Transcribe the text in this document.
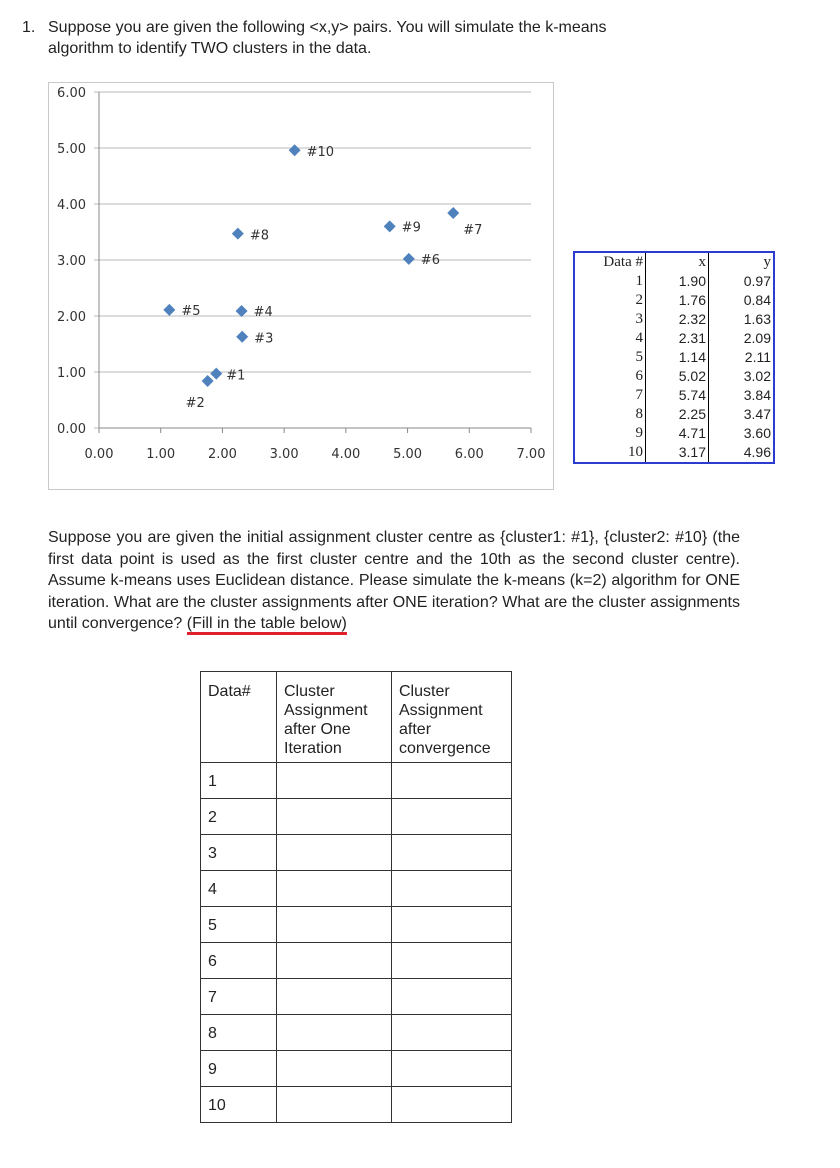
1. Suppose you are given the following <x,y> pairs. You will simulate the k-means algorithm to identify TWO clusters in the data.
0.00
1.00
2.00
3.00
4.00
5.00
6.00
0.00	1.00	2.00	3.00	4.00	5.00	6.00	7.00
#1
#2
#3
#4
#5
#6
#7
#8
#9
#10
Data #	x	y
1	1.90	0.97
2	1.76	0.84
3	2.32	1.63
4	2.31	2.09
5	1.14	2.11
6	5.02	3.02
7	5.74	3.84
8	2.25	3.47
9	4.71	3.60
10	3.17	4.96
Suppose you are given the initial assignment cluster centre as {cluster1: #1}, {cluster2: #10} (the first data point is used as the first cluster centre and the 10th as the second cluster centre). Assume k-means uses Euclidean distance. Please simulate the k-means (k=2) algorithm for ONE iteration. What are the cluster assignments after ONE iteration? What are the cluster assignments until convergence? (Fill in the table below)
Data#	Cluster Assignment after One Iteration	Cluster Assignment after convergence
1		
2		
3		
4		
5		
6		
7		
8		
9		
10		
